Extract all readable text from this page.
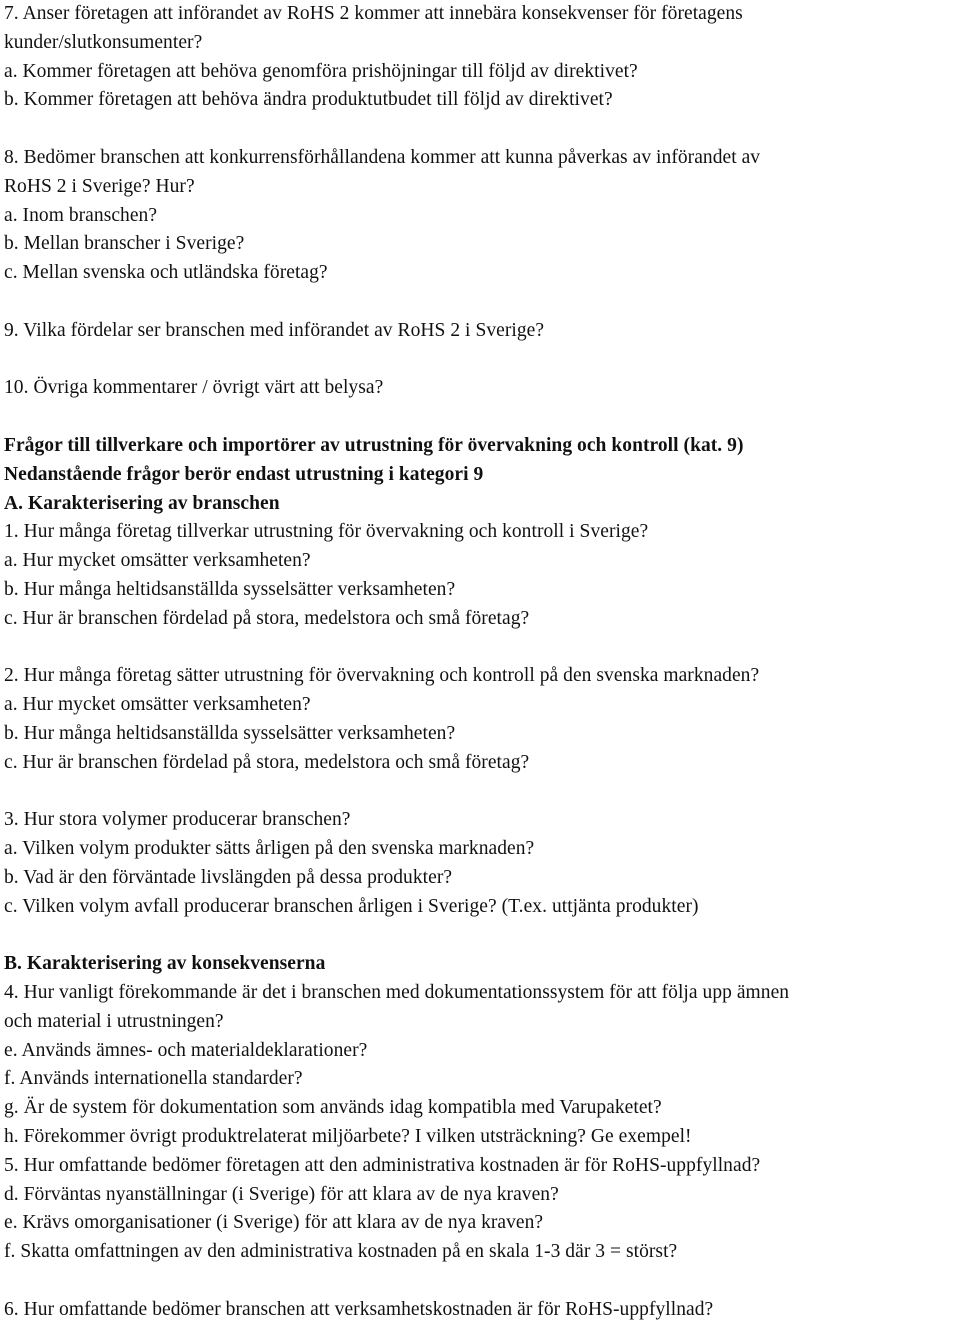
7. Anser företagen att införandet av RoHS 2 kommer att innebära konsekvenser för företagens
kunder/slutkonsumenter?
a. Kommer företagen att behöva genomföra prishöjningar till följd av direktivet?
b. Kommer företagen att behöva ändra produktutbudet till följd av direktivet?
8. Bedömer branschen att konkurrensförhållandena kommer att kunna påverkas av införandet av
RoHS 2 i Sverige? Hur?
a. Inom branschen?
b. Mellan branscher i Sverige?
c. Mellan svenska och utländska företag?
9. Vilka fördelar ser branschen med införandet av RoHS 2 i Sverige?
10. Övriga kommentarer / övrigt värt att belysa?
Frågor till tillverkare och importörer av utrustning för övervakning och kontroll (kat. 9)
Nedanstående frågor berör endast utrustning i kategori 9
A. Karakterisering av branschen
1. Hur många företag tillverkar utrustning för övervakning och kontroll i Sverige?
a. Hur mycket omsätter verksamheten?
b. Hur många heltidsanställda sysselsätter verksamheten?
c. Hur är branschen fördelad på stora, medelstora och små företag?
2. Hur många företag sätter utrustning för övervakning och kontroll på den svenska marknaden?
a. Hur mycket omsätter verksamheten?
b. Hur många heltidsanställda sysselsätter verksamheten?
c. Hur är branschen fördelad på stora, medelstora och små företag?
3. Hur stora volymer producerar branschen?
a. Vilken volym produkter sätts årligen på den svenska marknaden?
b. Vad är den förväntade livslängden på dessa produkter?
c. Vilken volym avfall producerar branschen årligen i Sverige? (T.ex. uttjänta produkter)
B. Karakterisering av konsekvenserna
4. Hur vanligt förekommande är det i branschen med dokumentationssystem för att följa upp ämnen
och material i utrustningen?
e. Används ämnes- och materialdeklarationer?
f. Används internationella standarder?
g. Är de system för dokumentation som används idag kompatibla med Varupaketet?
h. Förekommer övrigt produktrelaterat miljöarbete? I vilken utsträckning? Ge exempel!
5. Hur omfattande bedömer företagen att den administrativa kostnaden är för RoHS-uppfyllnad?
d. Förväntas nyanställningar (i Sverige) för att klara av de nya kraven?
e. Krävs omorganisationer (i Sverige) för att klara av de nya kraven?
f. Skatta omfattningen av den administrativa kostnaden på en skala 1-3 där 3 = störst?
6. Hur omfattande bedömer branschen att verksamhetskostnaden är för RoHS-uppfyllnad?
